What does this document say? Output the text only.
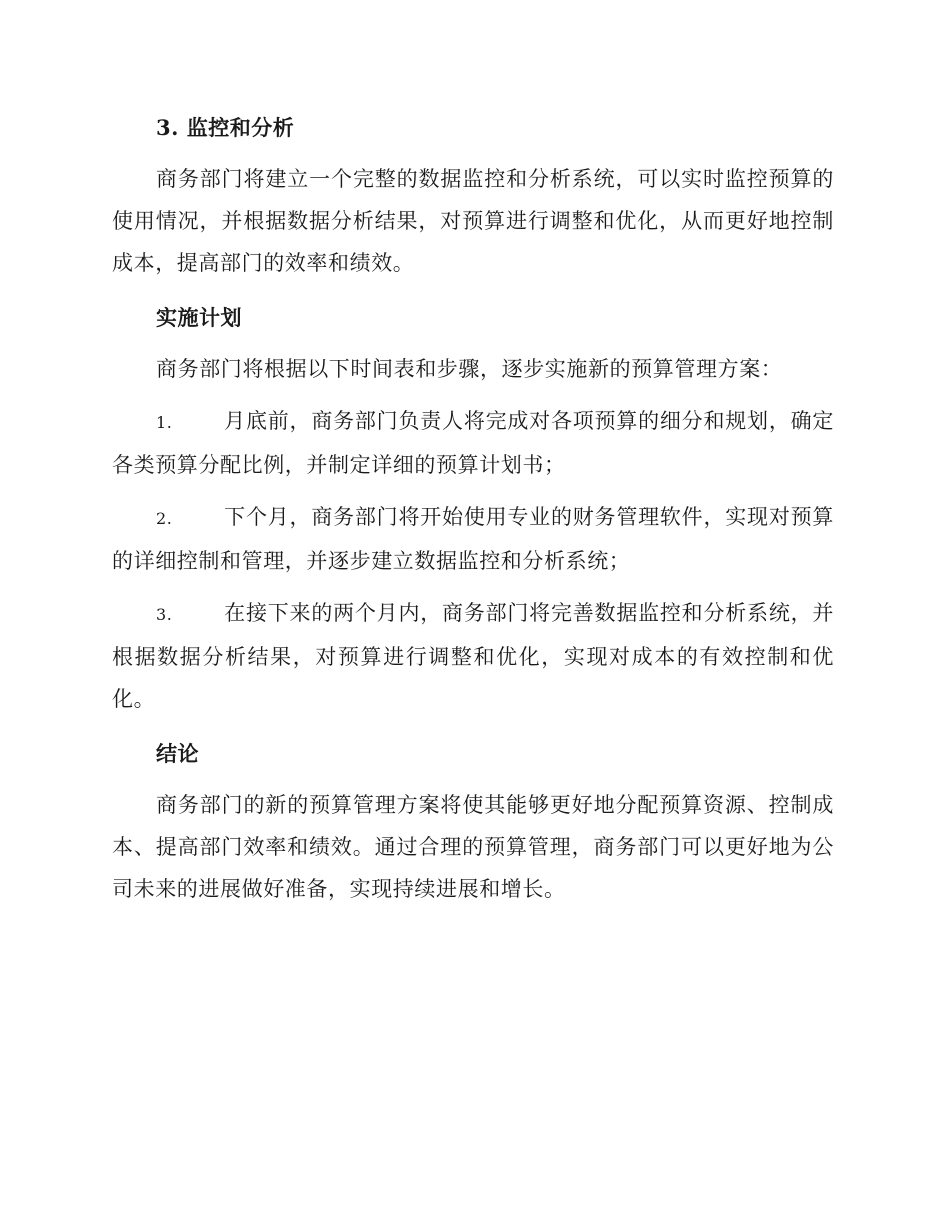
3. 监控和分析

商务部门将建立一个完整的数据监控和分析系统，可以实时监控预算的使用情况，并根据数据分析结果，对预算进行调整和优化，从而更好地控制成本，提高部门的效率和绩效。

实施计划

商务部门将根据以下时间表和步骤，逐步实施新的预算管理方案：

1. 月底前，商务部门负责人将完成对各项预算的细分和规划，确定各类预算分配比例，并制定详细的预算计划书；

2. 下个月，商务部门将开始使用专业的财务管理软件，实现对预算的详细控制和管理，并逐步建立数据监控和分析系统；

3. 在接下来的两个月内，商务部门将完善数据监控和分析系统，并根据数据分析结果，对预算进行调整和优化，实现对成本的有效控制和优化。

结论

商务部门的新的预算管理方案将使其能够更好地分配预算资源、控制成本、提高部门效率和绩效。通过合理的预算管理，商务部门可以更好地为公司未来的进展做好准备，实现持续进展和增长。
